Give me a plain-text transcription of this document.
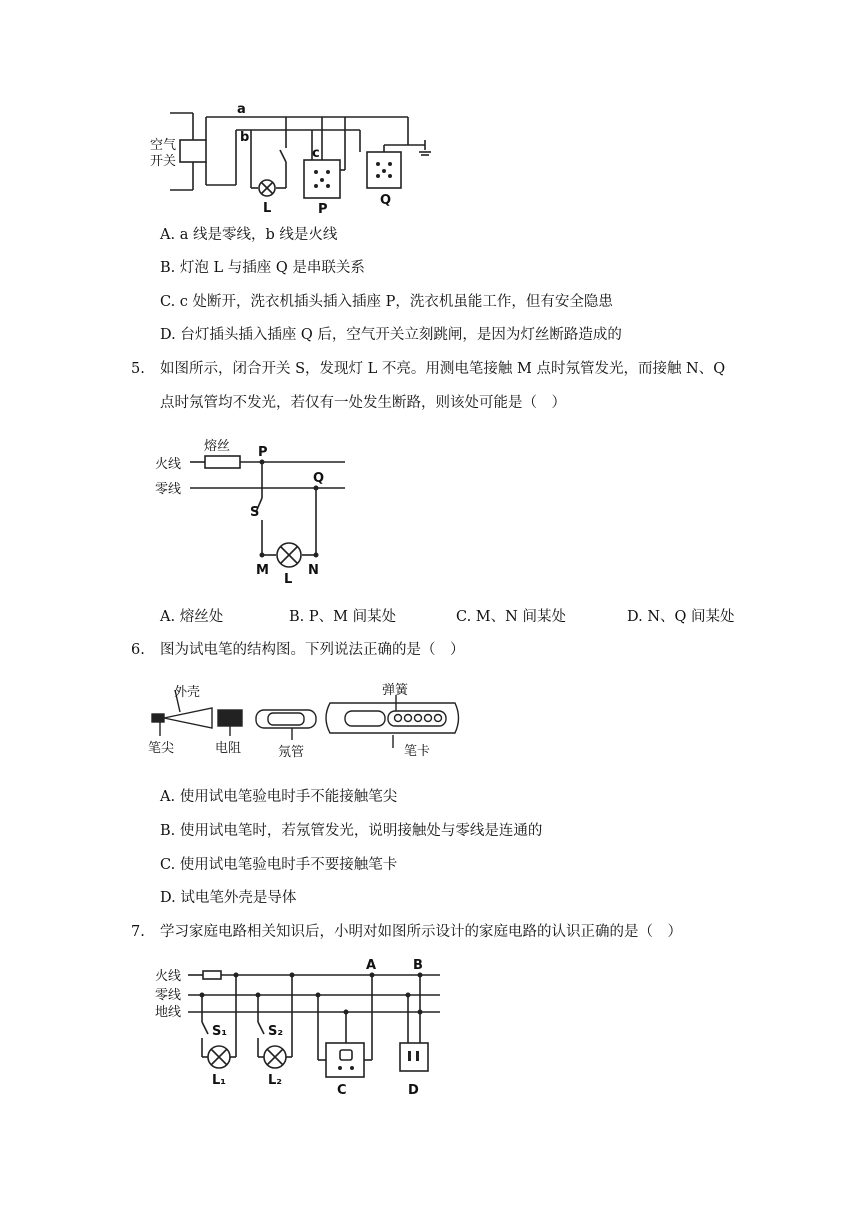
空气
开关
a
b
c
L	P
Q
A. a 线是零线，b 线是火线
B. 灯泡 L 与插座 Q 是串联关系
C. c 处断开，洗衣机插头插入插座 P，洗衣机虽能工作，但有安全隐患
D. 台灯插头插入插座 Q 后，空气开关立刻跳闸，是因为灯丝断路造成的
5. 如图所示，闭合开关 S，发现灯 L 不亮。用测电笔接触 M 点时氖管发光，而接触 N、Q
点时氖管均不发光，若仅有一处发生断路，则该处可能是（　）
熔丝
火线
零线
P
Q
S
M
L
N
A. 熔丝处	B. P、M 间某处	C. M、N 间某处	D. N、Q 间某处
6. 图为试电笔的结构图。下列说法正确的是（　）
外壳
笔尖	电阻	氖管
弹簧
笔卡
A. 使用试电笔验电时手不能接触笔尖
B. 使用试电笔时，若氖管发光，说明接触处与零线是连通的
C. 使用试电笔验电时手不要接触笔卡
D. 试电笔外壳是导体
7. 学习家庭电路相关知识后，小明对如图所示设计的家庭电路的认识正确的是（　）
火线
零线
地线
A	B
S₁	S₂
L₁	L₂
C	D
